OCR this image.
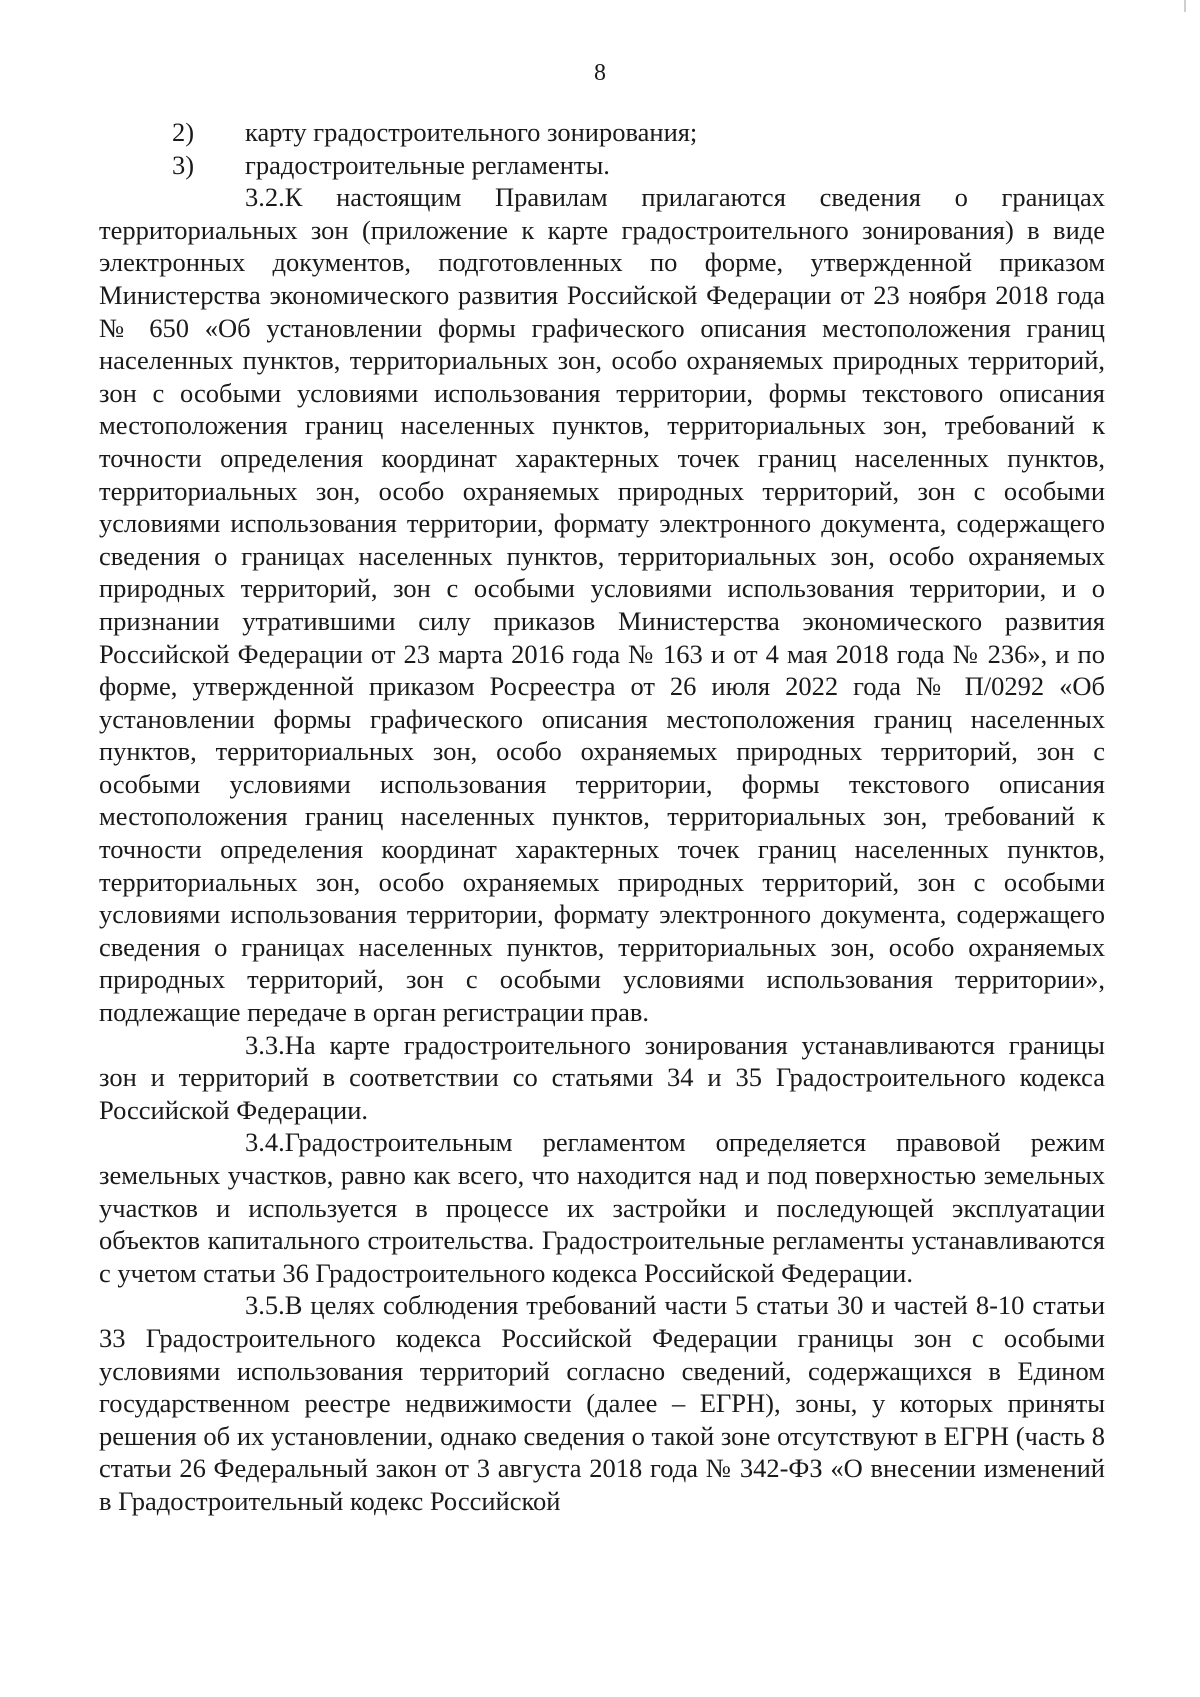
8
2) карту градостроительного зонирования;
3) градостроительные регламенты.

3.2.К настоящим Правилам прилагаются сведения о границах территориальных зон (приложение к карте градостроительного зонирования) в виде электронных документов, подготовленных по форме, утвержденной приказом Министерства экономического развития Российской Федерации от 23 ноября 2018 года № 650 «Об установлении формы графического описания местоположения границ населенных пунктов, территориальных зон, особо охраняемых природных территорий, зон с особыми условиями использования территории, формы текстового описания местоположения границ населенных пунктов, территориальных зон, требований к точности определения координат характерных точек границ населенных пунктов, территориальных зон, особо охраняемых природных территорий, зон с особыми условиями использования территории, формату электронного документа, содержащего сведения о границах населенных пунктов, территориальных зон, особо охраняемых природных территорий, зон с особыми условиями использования территории, и о признании утратившими силу приказов Министерства экономического развития Российской Федерации от 23 марта 2016 года № 163 и от 4 мая 2018 года № 236», и по форме, утвержденной приказом Росреестра от 26 июля 2022 года № П/0292 «Об установлении формы графического описания местоположения границ населенных пунктов, территориальных зон, особо охраняемых природных территорий, зон с особыми условиями использования территории, формы текстового описания местоположения границ населенных пунктов, территориальных зон, требований к точности определения координат характерных точек границ населенных пунктов, территориальных зон, особо охраняемых природных территорий, зон с особыми условиями использования территории, формату электронного документа, содержащего сведения о границах населенных пунктов, территориальных зон, особо охраняемых природных территорий, зон с особыми условиями использования территории», подлежащие передаче в орган регистрации прав.

3.3.На карте градостроительного зонирования устанавливаются границы зон и территорий в соответствии со статьями 34 и 35 Градостроительного кодекса Российской Федерации.

3.4.Градостроительным регламентом определяется правовой режим земельных участков, равно как всего, что находится над и под поверхностью земельных участков и используется в процессе их застройки и последующей эксплуатации объектов капитального строительства. Градостроительные регламенты устанавливаются с учетом статьи 36 Градостроительного кодекса Российской Федерации.

3.5.В целях соблюдения требований части 5 статьи 30 и частей 8-10 статьи 33 Градостроительного кодекса Российской Федерации границы зон с особыми условиями использования территорий согласно сведений, содержащихся в Едином государственном реестре недвижимости (далее – ЕГРН), зоны, у которых приняты решения об их установлении, однако сведения о такой зоне отсутствуют в ЕГРН (часть 8 статьи 26 Федеральный закон от 3 августа 2018 года № 342-ФЗ «О внесении изменений в Градостроительный кодекс Российской
